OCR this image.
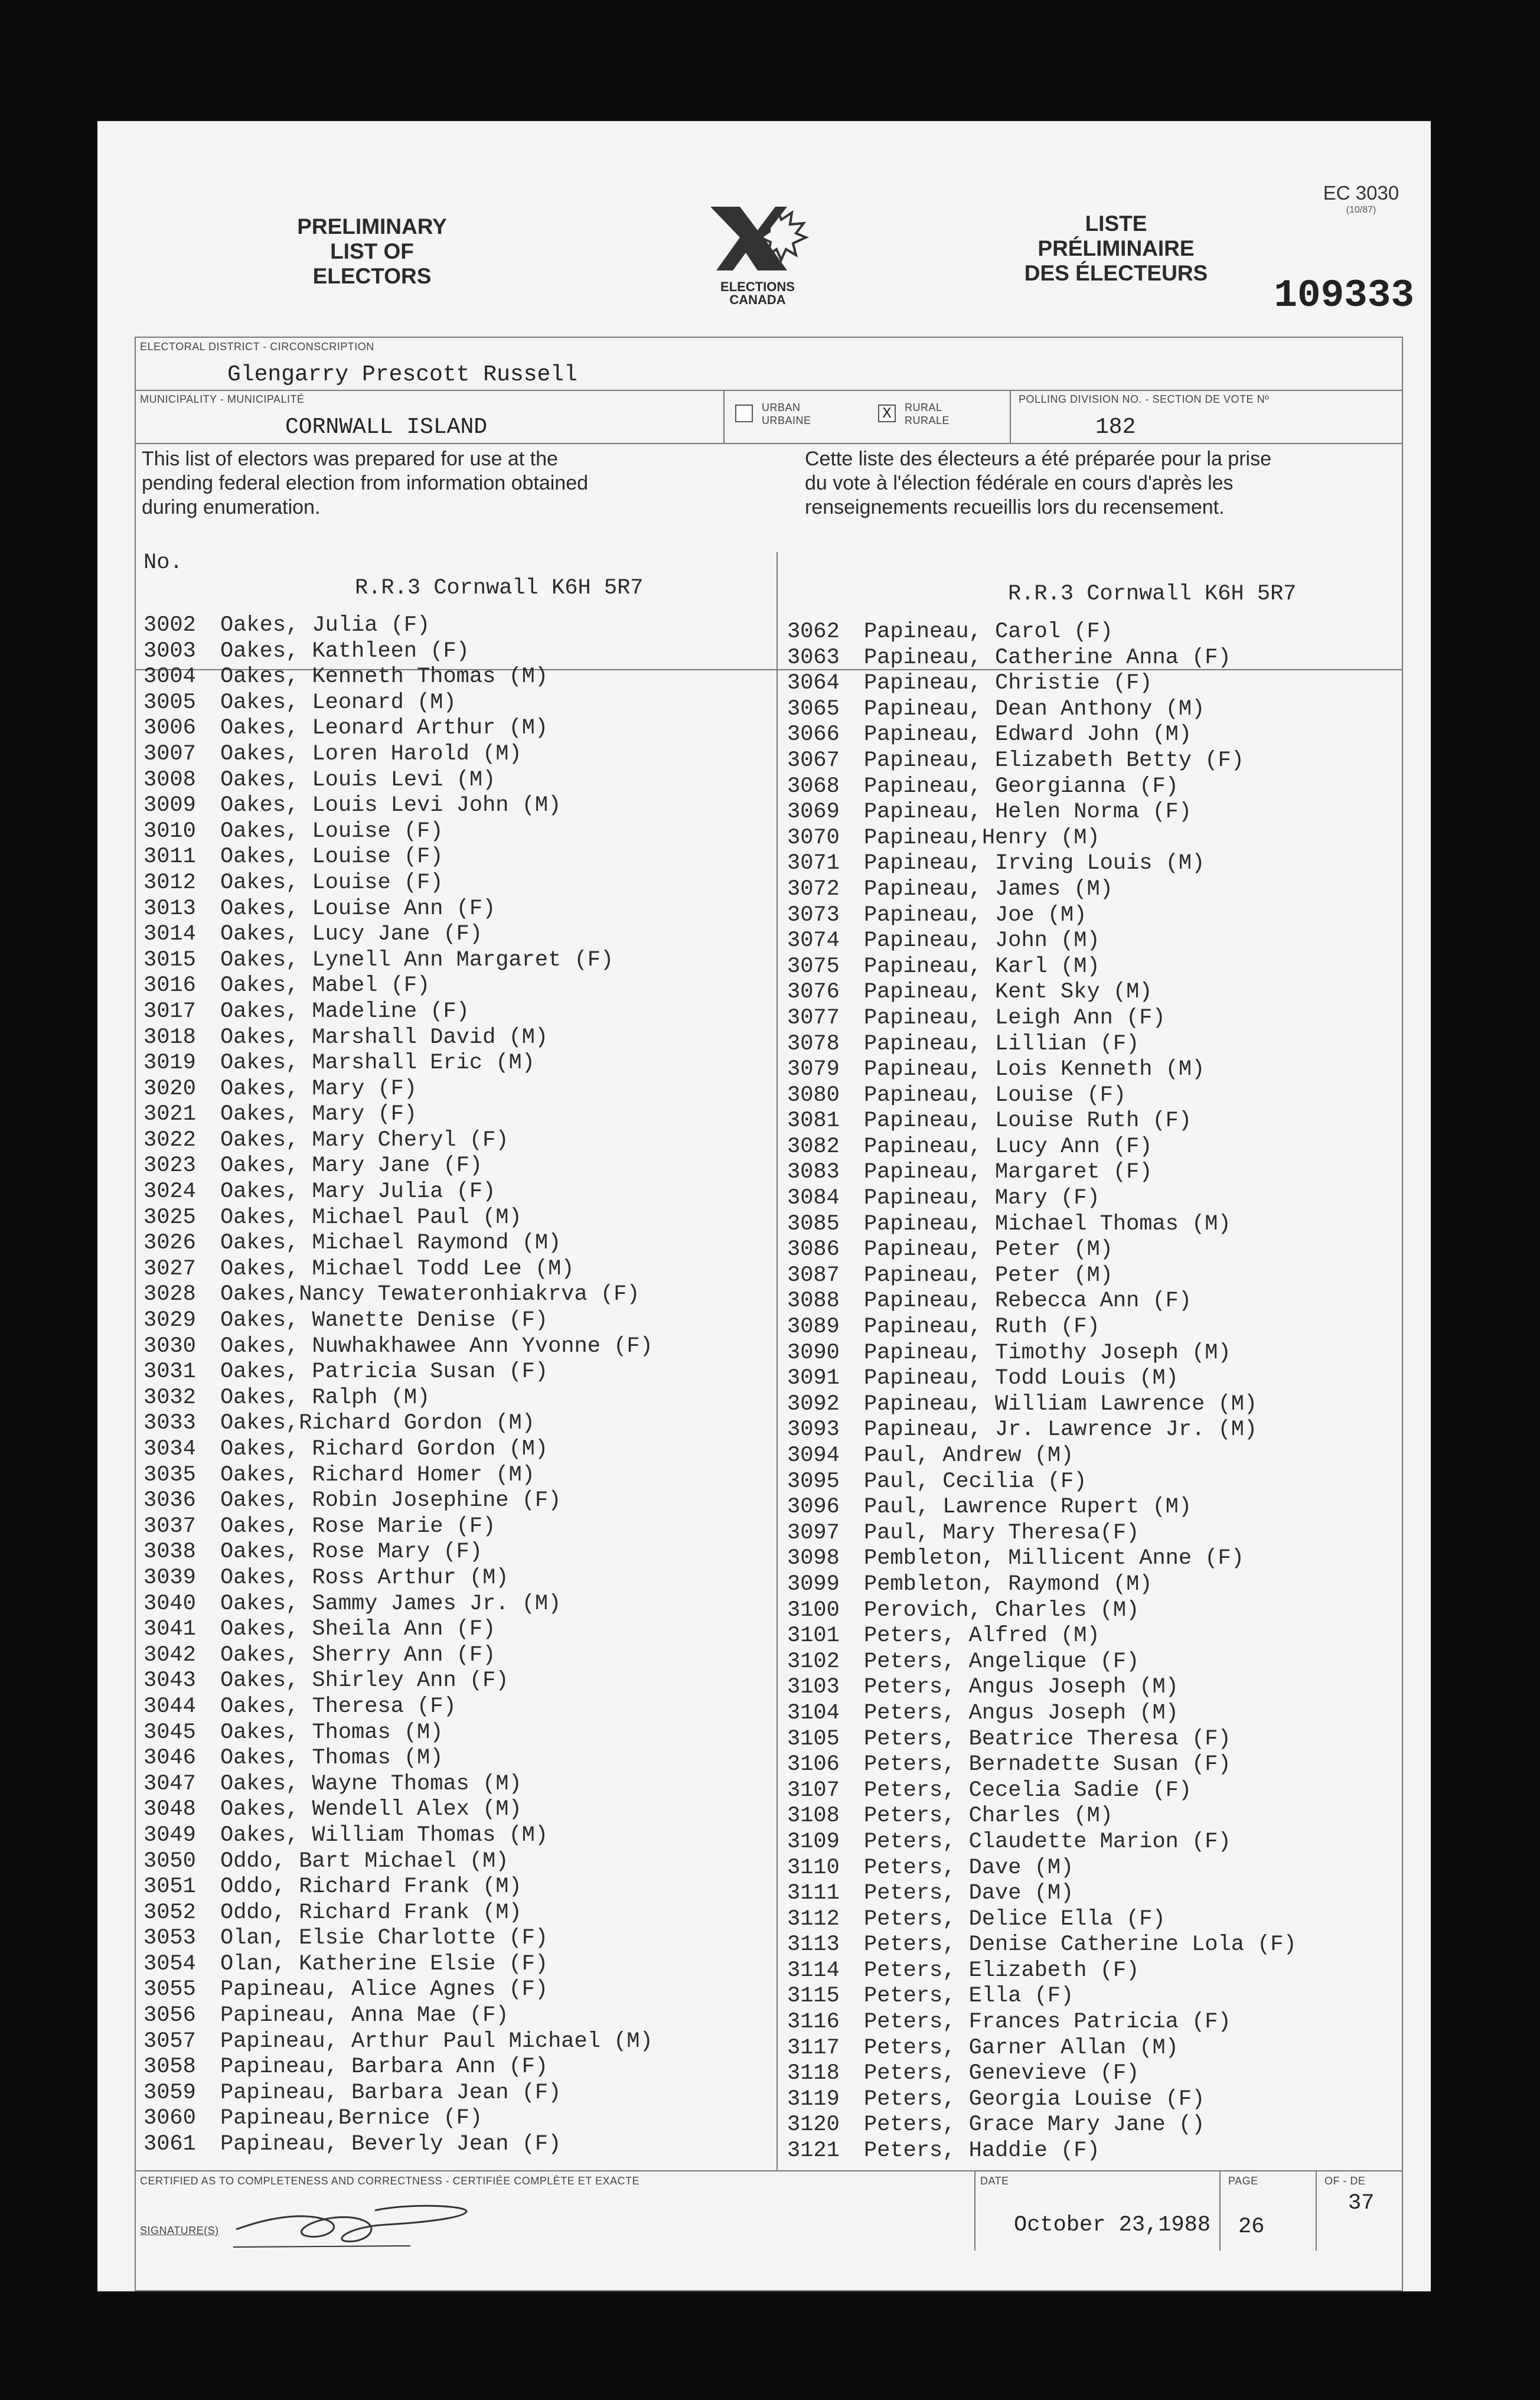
PRELIMINARY
LIST OF
ELECTORS	ELECTIONS
CANADA
LISTE
PRÉLIMINAIRE
DES ÉLECTEURS
EC 3030
(10/87)
109333
ELECTORAL DISTRICT - CIRCONSCRIPTION
Glengarry Prescott Russell
MUNICIPALITY - MUNICIPALITÉ
CORNWALL ISLAND
URBAN
URBAINE	X	RURAL
RURALE
POLLING DIVISION NO. - SECTION DE VOTE Nº
182
This list of electors was prepared for use at the
pending federal election from information obtained
during enumeration.
Cette liste des électeurs a été préparée pour la prise
du vote à l'élection fédérale en cours d'après les
renseignements recueillis lors du recensement.
No.
R.R.3 Cornwall K6H 5R7	R.R.3 Cornwall K6H 5R7
3002	Oakes, Julia (F)
3003	Oakes, Kathleen (F)
3004	Oakes, Kenneth Thomas (M)
3005	Oakes, Leonard (M)
3006	Oakes, Leonard Arthur (M)
3007	Oakes, Loren Harold (M)
3008	Oakes, Louis Levi (M)
3009	Oakes, Louis Levi John (M)
3010	Oakes, Louise (F)
3011	Oakes, Louise (F)
3012	Oakes, Louise (F)
3013	Oakes, Louise Ann (F)
3014	Oakes, Lucy Jane (F)
3015	Oakes, Lynell Ann Margaret (F)
3016	Oakes, Mabel (F)
3017	Oakes, Madeline (F)
3018	Oakes, Marshall David (M)
3019	Oakes, Marshall Eric (M)
3020	Oakes, Mary (F)
3021	Oakes, Mary (F)
3022	Oakes, Mary Cheryl (F)
3023	Oakes, Mary Jane (F)
3024	Oakes, Mary Julia (F)
3025	Oakes, Michael Paul (M)
3026	Oakes, Michael Raymond (M)
3027	Oakes, Michael Todd Lee (M)
3028	Oakes,Nancy Tewateronhiakrva (F)
3029	Oakes, Wanette Denise (F)
3030	Oakes, Nuwhakhawee Ann Yvonne (F)
3031	Oakes, Patricia Susan (F)
3032	Oakes, Ralph (M)
3033	Oakes,Richard Gordon (M)
3034	Oakes, Richard Gordon (M)
3035	Oakes, Richard Homer (M)
3036	Oakes, Robin Josephine (F)
3037	Oakes, Rose Marie (F)
3038	Oakes, Rose Mary (F)
3039	Oakes, Ross Arthur (M)
3040	Oakes, Sammy James Jr. (M)
3041	Oakes, Sheila Ann (F)
3042	Oakes, Sherry Ann (F)
3043	Oakes, Shirley Ann (F)
3044	Oakes, Theresa (F)
3045	Oakes, Thomas (M)
3046	Oakes, Thomas (M)
3047	Oakes, Wayne Thomas (M)
3048	Oakes, Wendell Alex (M)
3049	Oakes, William Thomas (M)
3050	Oddo, Bart Michael (M)
3051	Oddo, Richard Frank (M)
3052	Oddo, Richard Frank (M)
3053	Olan, Elsie Charlotte (F)
3054	Olan, Katherine Elsie (F)
3055	Papineau, Alice Agnes (F)
3056	Papineau, Anna Mae (F)
3057	Papineau, Arthur Paul Michael (M)
3058	Papineau, Barbara Ann (F)
3059	Papineau, Barbara Jean (F)
3060	Papineau,Bernice (F)
3061	Papineau, Beverly Jean (F)
3062	Papineau, Carol (F)
3063	Papineau, Catherine Anna (F)
3064	Papineau, Christie (F)
3065	Papineau, Dean Anthony (M)
3066	Papineau, Edward John (M)
3067	Papineau, Elizabeth Betty (F)
3068	Papineau, Georgianna (F)
3069	Papineau, Helen Norma (F)
3070	Papineau,Henry (M)
3071	Papineau, Irving Louis (M)
3072	Papineau, James (M)
3073	Papineau, Joe (M)
3074	Papineau, John (M)
3075	Papineau, Karl (M)
3076	Papineau, Kent Sky (M)
3077	Papineau, Leigh Ann (F)
3078	Papineau, Lillian (F)
3079	Papineau, Lois Kenneth (M)
3080	Papineau, Louise (F)
3081	Papineau, Louise Ruth (F)
3082	Papineau, Lucy Ann (F)
3083	Papineau, Margaret (F)
3084	Papineau, Mary (F)
3085	Papineau, Michael Thomas (M)
3086	Papineau, Peter (M)
3087	Papineau, Peter (M)
3088	Papineau, Rebecca Ann (F)
3089	Papineau, Ruth (F)
3090	Papineau, Timothy Joseph (M)
3091	Papineau, Todd Louis (M)
3092	Papineau, William Lawrence (M)
3093	Papineau, Jr. Lawrence Jr. (M)
3094	Paul, Andrew (M)
3095	Paul, Cecilia (F)
3096	Paul, Lawrence Rupert (M)
3097	Paul, Mary Theresa(F)
3098	Pembleton, Millicent Anne (F)
3099	Pembleton, Raymond (M)
3100	Perovich, Charles (M)
3101	Peters, Alfred (M)
3102	Peters, Angelique (F)
3103	Peters, Angus Joseph (M)
3104	Peters, Angus Joseph (M)
3105	Peters, Beatrice Theresa (F)
3106	Peters, Bernadette Susan (F)
3107	Peters, Cecelia Sadie (F)
3108	Peters, Charles (M)
3109	Peters, Claudette Marion (F)
3110	Peters, Dave (M)
3111	Peters, Dave (M)
3112	Peters, Delice Ella (F)
3113	Peters, Denise Catherine Lola (F)
3114	Peters, Elizabeth (F)
3115	Peters, Ella (F)
3116	Peters, Frances Patricia (F)
3117	Peters, Garner Allan (M)
3118	Peters, Genevieve (F)
3119	Peters, Georgia Louise (F)
3120	Peters, Grace Mary Jane ()
3121	Peters, Haddie (F)
CERTIFIED AS TO COMPLETENESS AND CORRECTNESS - CERTIFIÉE COMPLÈTE ET EXACTE
SIGNATURE(S)
DATE
October 23,1988
PAGE
26
OF - DE
37
